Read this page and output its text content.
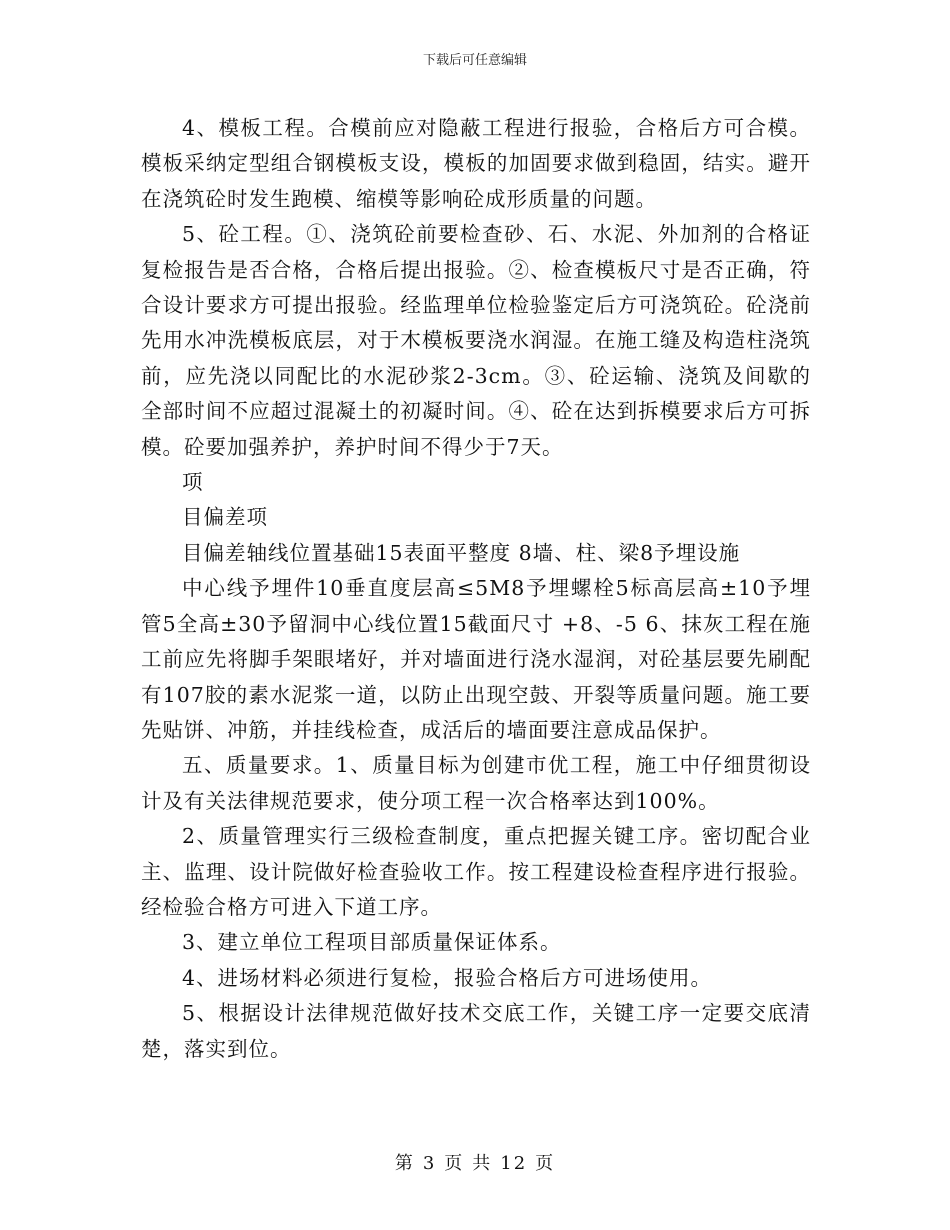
下载后可任意编辑

4、模板工程。合模前应对隐蔽工程进行报验，合格后方可合模。模板采纳定型组合钢模板支设，模板的加固要求做到稳固，结实。避开在浇筑砼时发生跑模、缩模等影响砼成形质量的问题。

5、砼工程。①、浇筑砼前要检查砂、石、水泥、外加剂的合格证复检报告是否合格，合格后提出报验。②、检查模板尺寸是否正确，符合设计要求方可提出报验。经监理单位检验鉴定后方可浇筑砼。砼浇前先用水冲洗模板底层，对于木模板要浇水润湿。在施工缝及构造柱浇筑前，应先浇以同配比的水泥砂浆2-3cm。③、砼运输、浇筑及间歇的全部时间不应超过混凝土的初凝时间。④、砼在达到拆模要求后方可拆模。砼要加强养护，养护时间不得少于7天。

项

目偏差项

目偏差轴线位置基础15表面平整度 8墙、柱、梁8予埋设施

中心线予埋件10垂直度层高≤5M8予埋螺栓5标高层高±10予埋管5全高±30予留洞中心线位置15截面尺寸 +8、-5 6、抹灰工程在施工前应先将脚手架眼堵好，并对墙面进行浇水湿润，对砼基层要先刷配有107胶的素水泥浆一道，以防止出现空鼓、开裂等质量问题。施工要先贴饼、冲筋，并挂线检查，成活后的墙面要注意成品保护。

五、质量要求。1、质量目标为创建市优工程，施工中仔细贯彻设计及有关法律规范要求，使分项工程一次合格率达到100%。

2、质量管理实行三级检查制度，重点把握关键工序。密切配合业主、监理、设计院做好检查验收工作。按工程建设检查程序进行报验。经检验合格方可进入下道工序。

3、建立单位工程项目部质量保证体系。

4、进场材料必须进行复检，报验合格后方可进场使用。

5、根据设计法律规范做好技术交底工作，关键工序一定要交底清楚，落实到位。

第 3 页 共 12 页
